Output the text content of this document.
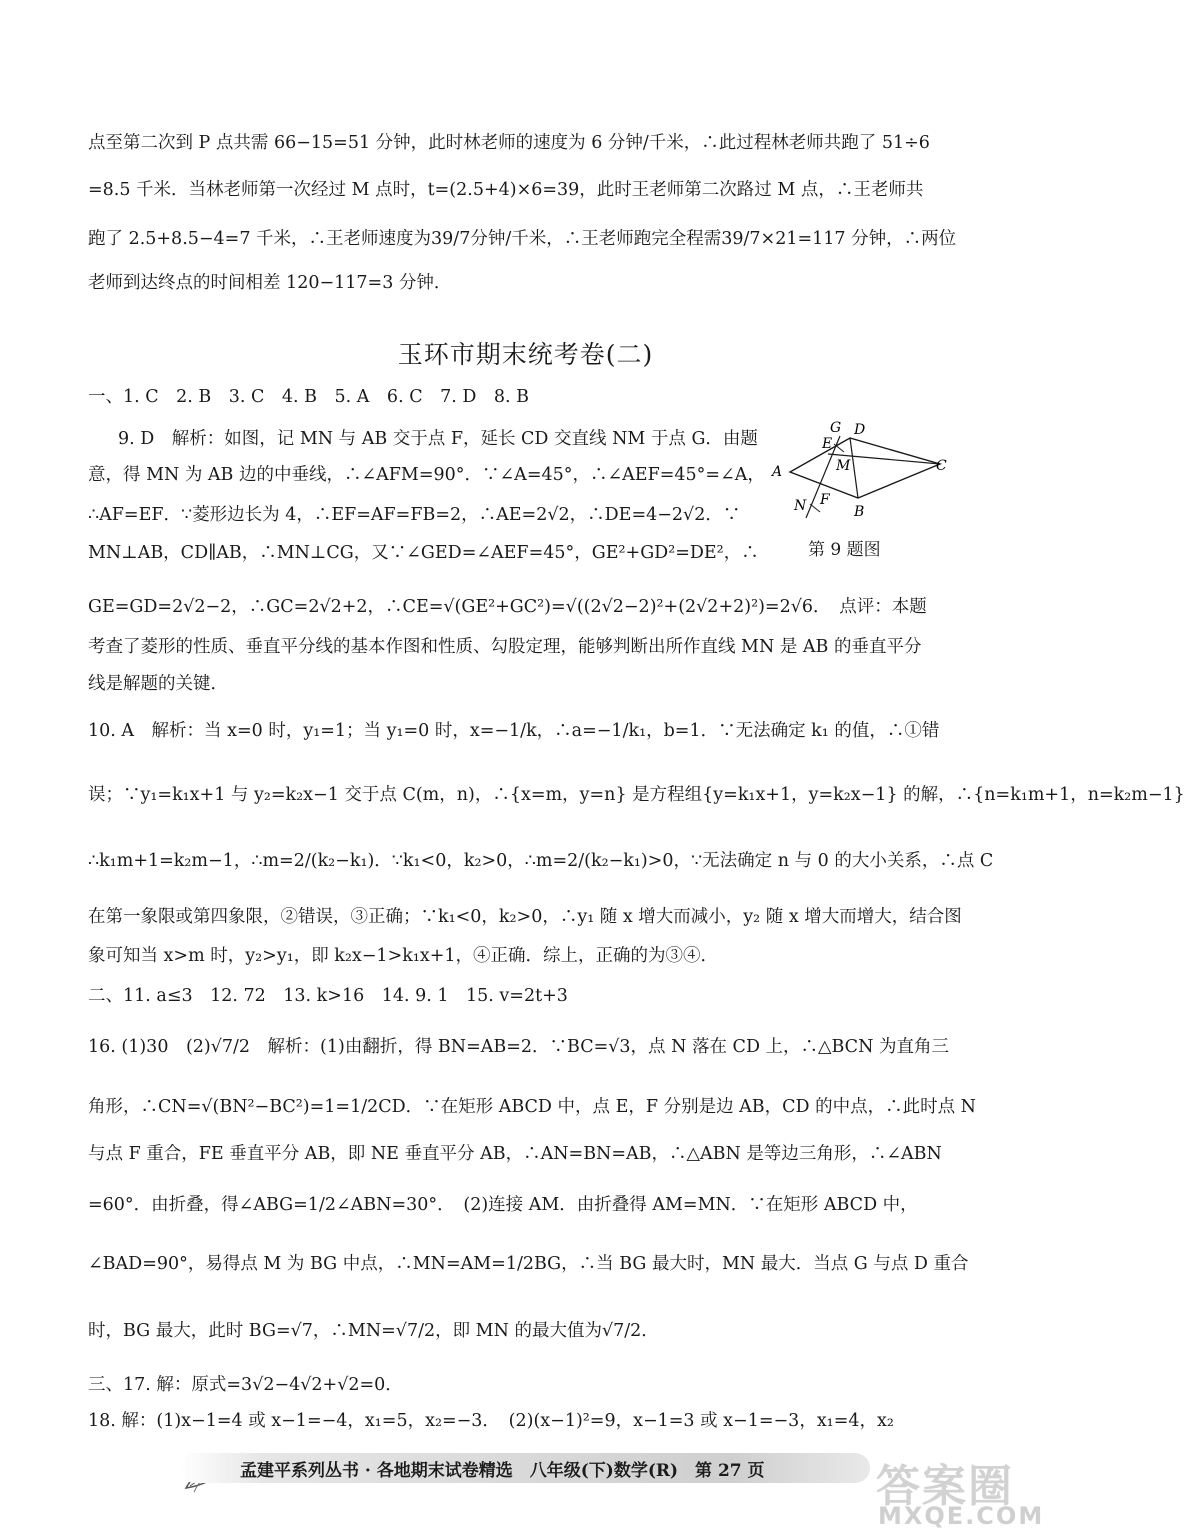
点至第二次到 P 点共需 66−15=51 分钟，此时林老师的速度为 6 分钟/千米，∴此过程林老师共跑了 51÷6
=8.5 千米．当林老师第一次经过 M 点时，t=(2.5+4)×6=39，此时王老师第二次路过 M 点，∴王老师共
跑了 2.5+8.5−4=7 千米，∴王老师速度为39/7分钟/千米，∴王老师跑完全程需39/7×21=117 分钟，∴两位
老师到达终点的时间相差 120−117=3 分钟．
玉环市期末统考卷(二)
一、1. C　2. B　3. C　4. B　5. A　6. C　7. D　8. B
9. D　解析：如图，记 MN 与 AB 交于点 F，延长 CD 交直线 NM 于点 G．由题
意，得 MN 为 AB 边的中垂线，∴∠AFM=90°．∵∠A=45°，∴∠AEF=45°=∠A，
∴AF=EF．∵菱形边长为 4，∴EF=AF=FB=2，∴AE=2√2，∴DE=4−2√2．∵
MN⊥AB，CD∥AB，∴MN⊥CG，又∵∠GED=∠AEF=45°，GE²+GD²=DE²，∴
GE=GD=2√2−2，∴GC=2√2+2，∴CE=√(GE²+GC²)=√((2√2−2)²+(2√2+2)²)=2√6．　点评：本题
考查了菱形的性质、垂直平分线的基本作图和性质、勾股定理，能够判断出所作直线 MN 是 AB 的垂直平分
线是解题的关键．
G D
E
M
A	C
N F
B
第 9 题图
10. A　解析：当 x=0 时，y₁=1；当 y₁=0 时，x=−1/k，∴a=−1/k₁，b=1．∵无法确定 k₁ 的值，∴①错
误；∵y₁=k₁x+1 与 y₂=k₂x−1 交于点 C(m，n)，∴{x=m，y=n} 是方程组{y=k₁x+1，y=k₂x−1} 的解，∴{n=k₁m+1，n=k₂m−1}
∴k₁m+1=k₂m−1，∴m=2/(k₂−k₁)．∵k₁<0，k₂>0，∴m=2/(k₂−k₁)>0，∵无法确定 n 与 0 的大小关系，∴点 C
在第一象限或第四象限，②错误，③正确；∵k₁<0，k₂>0，∴y₁ 随 x 增大而减小，y₂ 随 x 增大而增大，结合图
象可知当 x>m 时，y₂>y₁，即 k₂x−1>k₁x+1，④正确．综上，正确的为③④．
二、11. a≤3　12. 72　13. k>16　14. 9. 1　15. v=2t+3
16. (1)30　(2)√7/2　解析：(1)由翻折，得 BN=AB=2．∵BC=√3，点 N 落在 CD 上，∴△BCN 为直角三
角形，∴CN=√(BN²−BC²)=1=1/2CD．∵在矩形 ABCD 中，点 E，F 分别是边 AB，CD 的中点，∴此时点 N
与点 F 重合，FE 垂直平分 AB，即 NE 垂直平分 AB，∴AN=BN=AB，∴△ABN 是等边三角形，∴∠ABN
=60°．由折叠，得∠ABG=1/2∠ABN=30°．　(2)连接 AM．由折叠得 AM=MN．∵在矩形 ABCD 中，
∠BAD=90°，易得点 M 为 BG 中点，∴MN=AM=1/2BG，∴当 BG 最大时，MN 最大．当点 G 与点 D 重合
时，BG 最大，此时 BG=√7，∴MN=√7/2，即 MN 的最大值为√7/2．
三、17. 解：原式=3√2−4√2+√2=0．
18. 解：(1)x−1=4 或 x−1=−4，x₁=5，x₂=−3．　(2)(x−1)²=9，x−1=3 或 x−1=−3，x₁=4，x₂
孟建平系列丛书 · 各地期末试卷精选　八年级(下)数学(R)　第 27 页	答案圈
MXQE.COM
